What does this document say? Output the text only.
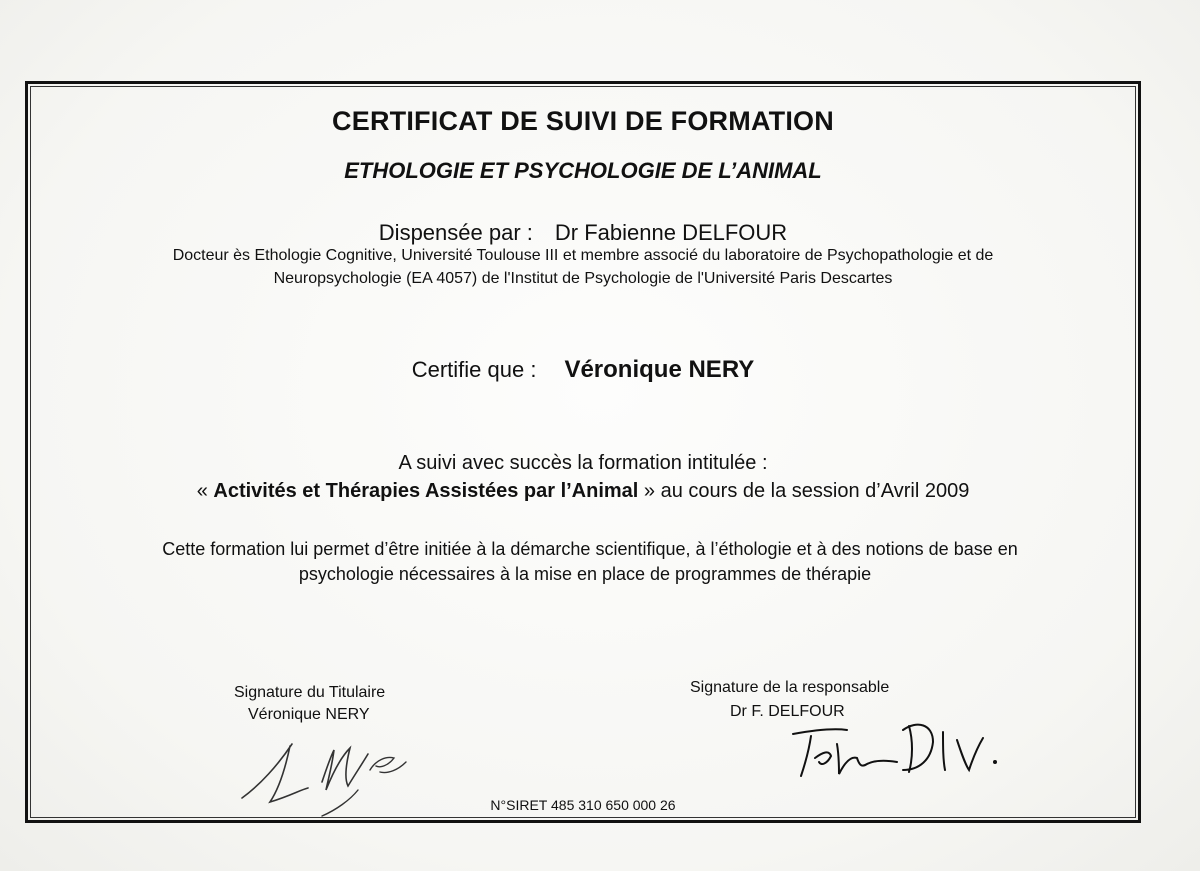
CERTIFICAT DE SUIVI DE FORMATION
ETHOLOGIE ET PSYCHOLOGIE DE L’ANIMAL
Dispensée par : Dr Fabienne DELFOUR
Docteur ès Ethologie Cognitive, Université Toulouse III et membre associé du laboratoire de Psychopathologie et de
Neuropsychologie (EA 4057) de l'Institut de Psychologie de l'Université Paris Descartes
Certifie que : Véronique NERY
A suivi avec succès la formation intitulée :
« Activités et Thérapies Assistées par l’Animal » au cours de la session d’Avril 2009
Cette formation lui permet d’être initiée à la démarche scientifique, à l’éthologie et à des notions de base en
psychologie nécessaires à la mise en place de programmes de thérapie
Signature du Titulaire
Véronique NERY
Signature de la responsable
Dr F. DELFOUR
N°SIRET 485 310 650 000 26
